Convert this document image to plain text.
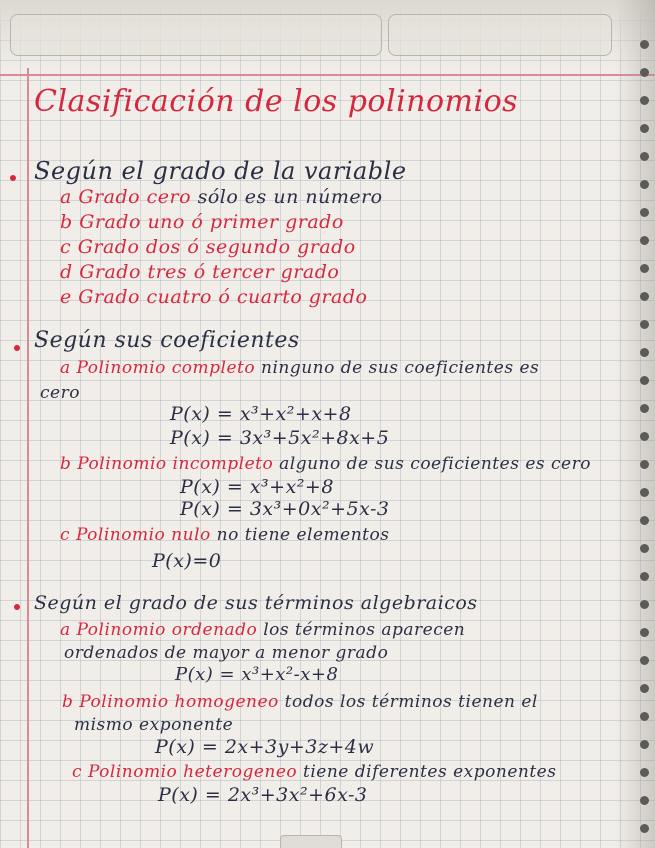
Clasificación de los polinomios
Según el grado de la variable
a Grado cero sólo es un número
b Grado uno ó primer grado
c Grado dos ó segundo grado
d Grado tres ó tercer grado
e Grado cuatro ó cuarto grado
Según sus coeficientes
a Polinomio completo ninguno de sus coeficientes es
cero
P(x) = x³+x²+x+8
P(x) = 3x³+5x²+8x+5
b Polinomio incompleto alguno de sus coeficientes es cero
P(x) = x³+x²+8
P(x) = 3x³+0x²+5x-3
c Polinomio nulo no tiene elementos
P(x)=0
Según el grado de sus términos algebraicos
a Polinomio ordenado los términos aparecen
ordenados de mayor a menor grado
P(x) = x³+x²-x+8
b Polinomio homogeneo todos los términos tienen el
mismo exponente
P(x) = 2x+3y+3z+4w
c Polinomio heterogeneo tiene diferentes exponentes
P(x) = 2x³+3x²+6x-3
